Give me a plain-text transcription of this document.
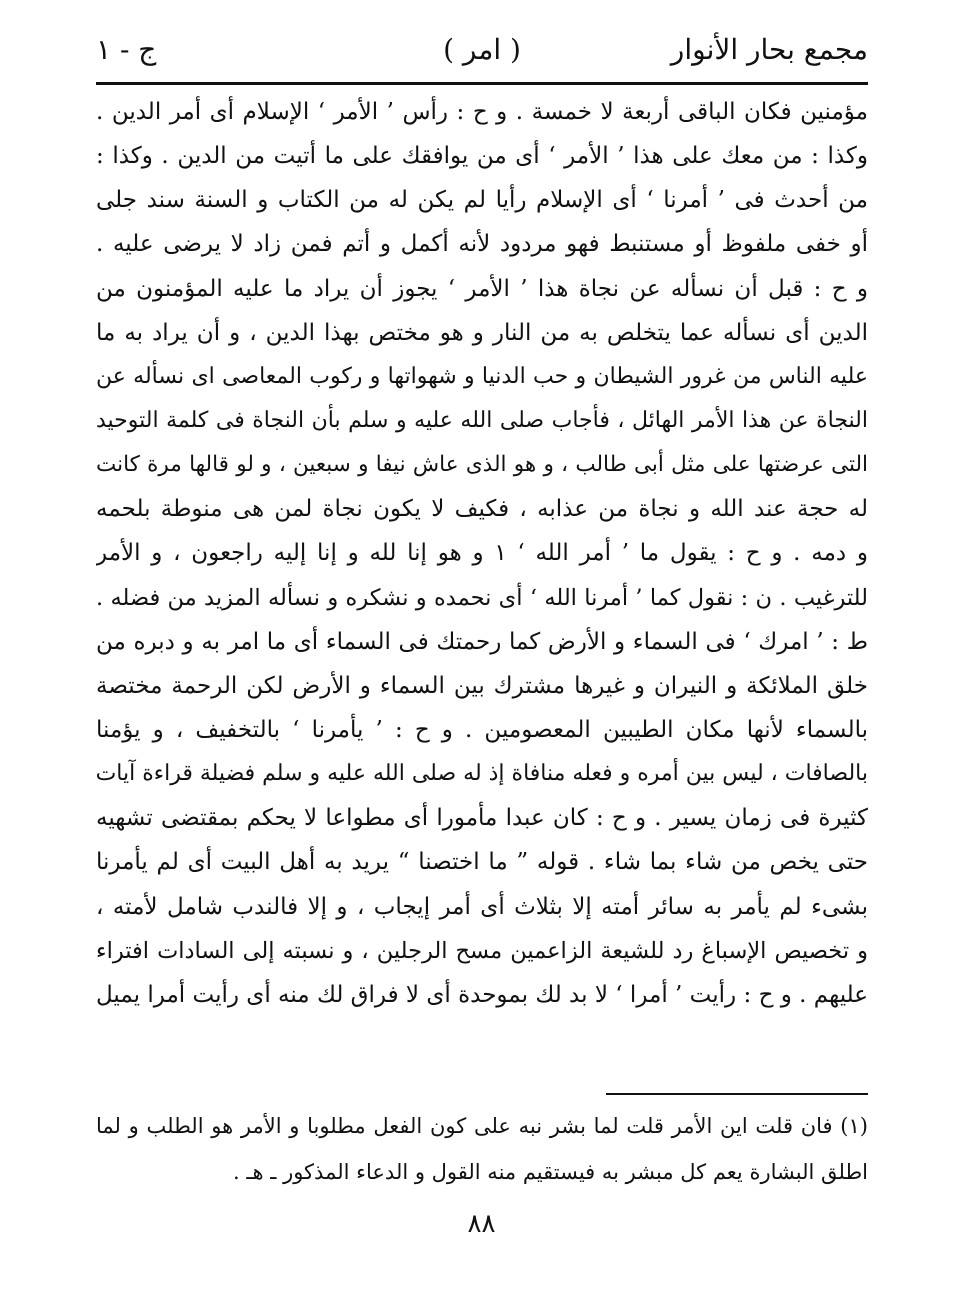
مجمع بحار الأنوار
( امر )
ج - ١
مؤمنين فكان الباقى أربعة لا خمسة . و ح : رأس ’ الأمر ‘ الإسلام أى أمر الدين .
وكذا : من معك على هذا ’ الأمر ‘ أى من يوافقك على ما أتيت من الدين . وكذا :
من أحدث فى ’ أمرنا ‘ أى الإسلام رأيا لم يكن له من الكتاب و السنة سند جلى
أو خفى ملفوظ أو مستنبط فهو مردود لأنه أكمل و أتم فمن زاد لا يرضى عليه .
و ح : قبل أن نسأله عن نجاة هذا ’ الأمر ‘ يجوز أن يراد ما عليه المؤمنون من
الدين أى نسأله عما يتخلص به من النار و هو مختص بهذا الدين ، و أن يراد به ما
عليه الناس من غرور الشيطان و حب الدنيا و شهواتها و ركوب المعاصى اى نسأله عن
النجاة عن هذا الأمر الهائل ، فأجاب صلى الله عليه و سلم بأن النجاة فى كلمة التوحيد
التى عرضتها على مثل أبى طالب ، و هو الذى عاش نيفا و سبعين ، و لو قالها مرة كانت
له حجة عند الله و نجاة من عذابه ، فكيف لا يكون نجاة لمن هى منوطة بلحمه
و دمه . و ح : يقول ما ’ أمر الله ‘ ١ و هو إنا لله و إنا إليه راجعون ، و الأمر
للترغيب . ن : نقول كما ’ أمرنا الله ‘ أى نحمده و نشكره و نسأله المزيد من فضله .
ط : ’ امرك ‘ فى السماء و الأرض كما رحمتك فى السماء أى ما امر به و دبره من
خلق الملائكة و النيران و غيرها مشترك بين السماء و الأرض لكن الرحمة مختصة
بالسماء لأنها مكان الطيبين المعصومين . و ح : ’ يأمرنا ‘ بالتخفيف ، و يؤمنا
بالصافات ، ليس بين أمره و فعله منافاة إذ له صلى الله عليه و سلم فضيلة قراءة آيات
كثيرة فى زمان يسير . و ح : كان عبدا مأمورا أى مطواعا لا يحكم بمقتضى تشهيه
حتى يخص من شاء بما شاء . قوله ” ما اختصنا “ يريد به أهل البيت أى لم يأمرنا
بشىء لم يأمر به سائر أمته إلا بثلاث أى أمر إيجاب ، و إلا فالندب شامل لأمته ،
و تخصيص الإسباغ رد للشيعة الزاعمين مسح الرجلين ، و نسبته إلى السادات افتراء
عليهم . و ح : رأيت ’ أمرا ‘ لا بد لك بموحدة أى لا فراق لك منه أى رأيت أمرا يميل
(١) فان قلت اين الأمر قلت لما بشر نبه على كون الفعل مطلوبا و الأمر هو الطلب و لما
اطلق البشارة يعم كل مبشر به فيستقيم منه القول و الدعاء المذكور ـ هـ .
٨٨
